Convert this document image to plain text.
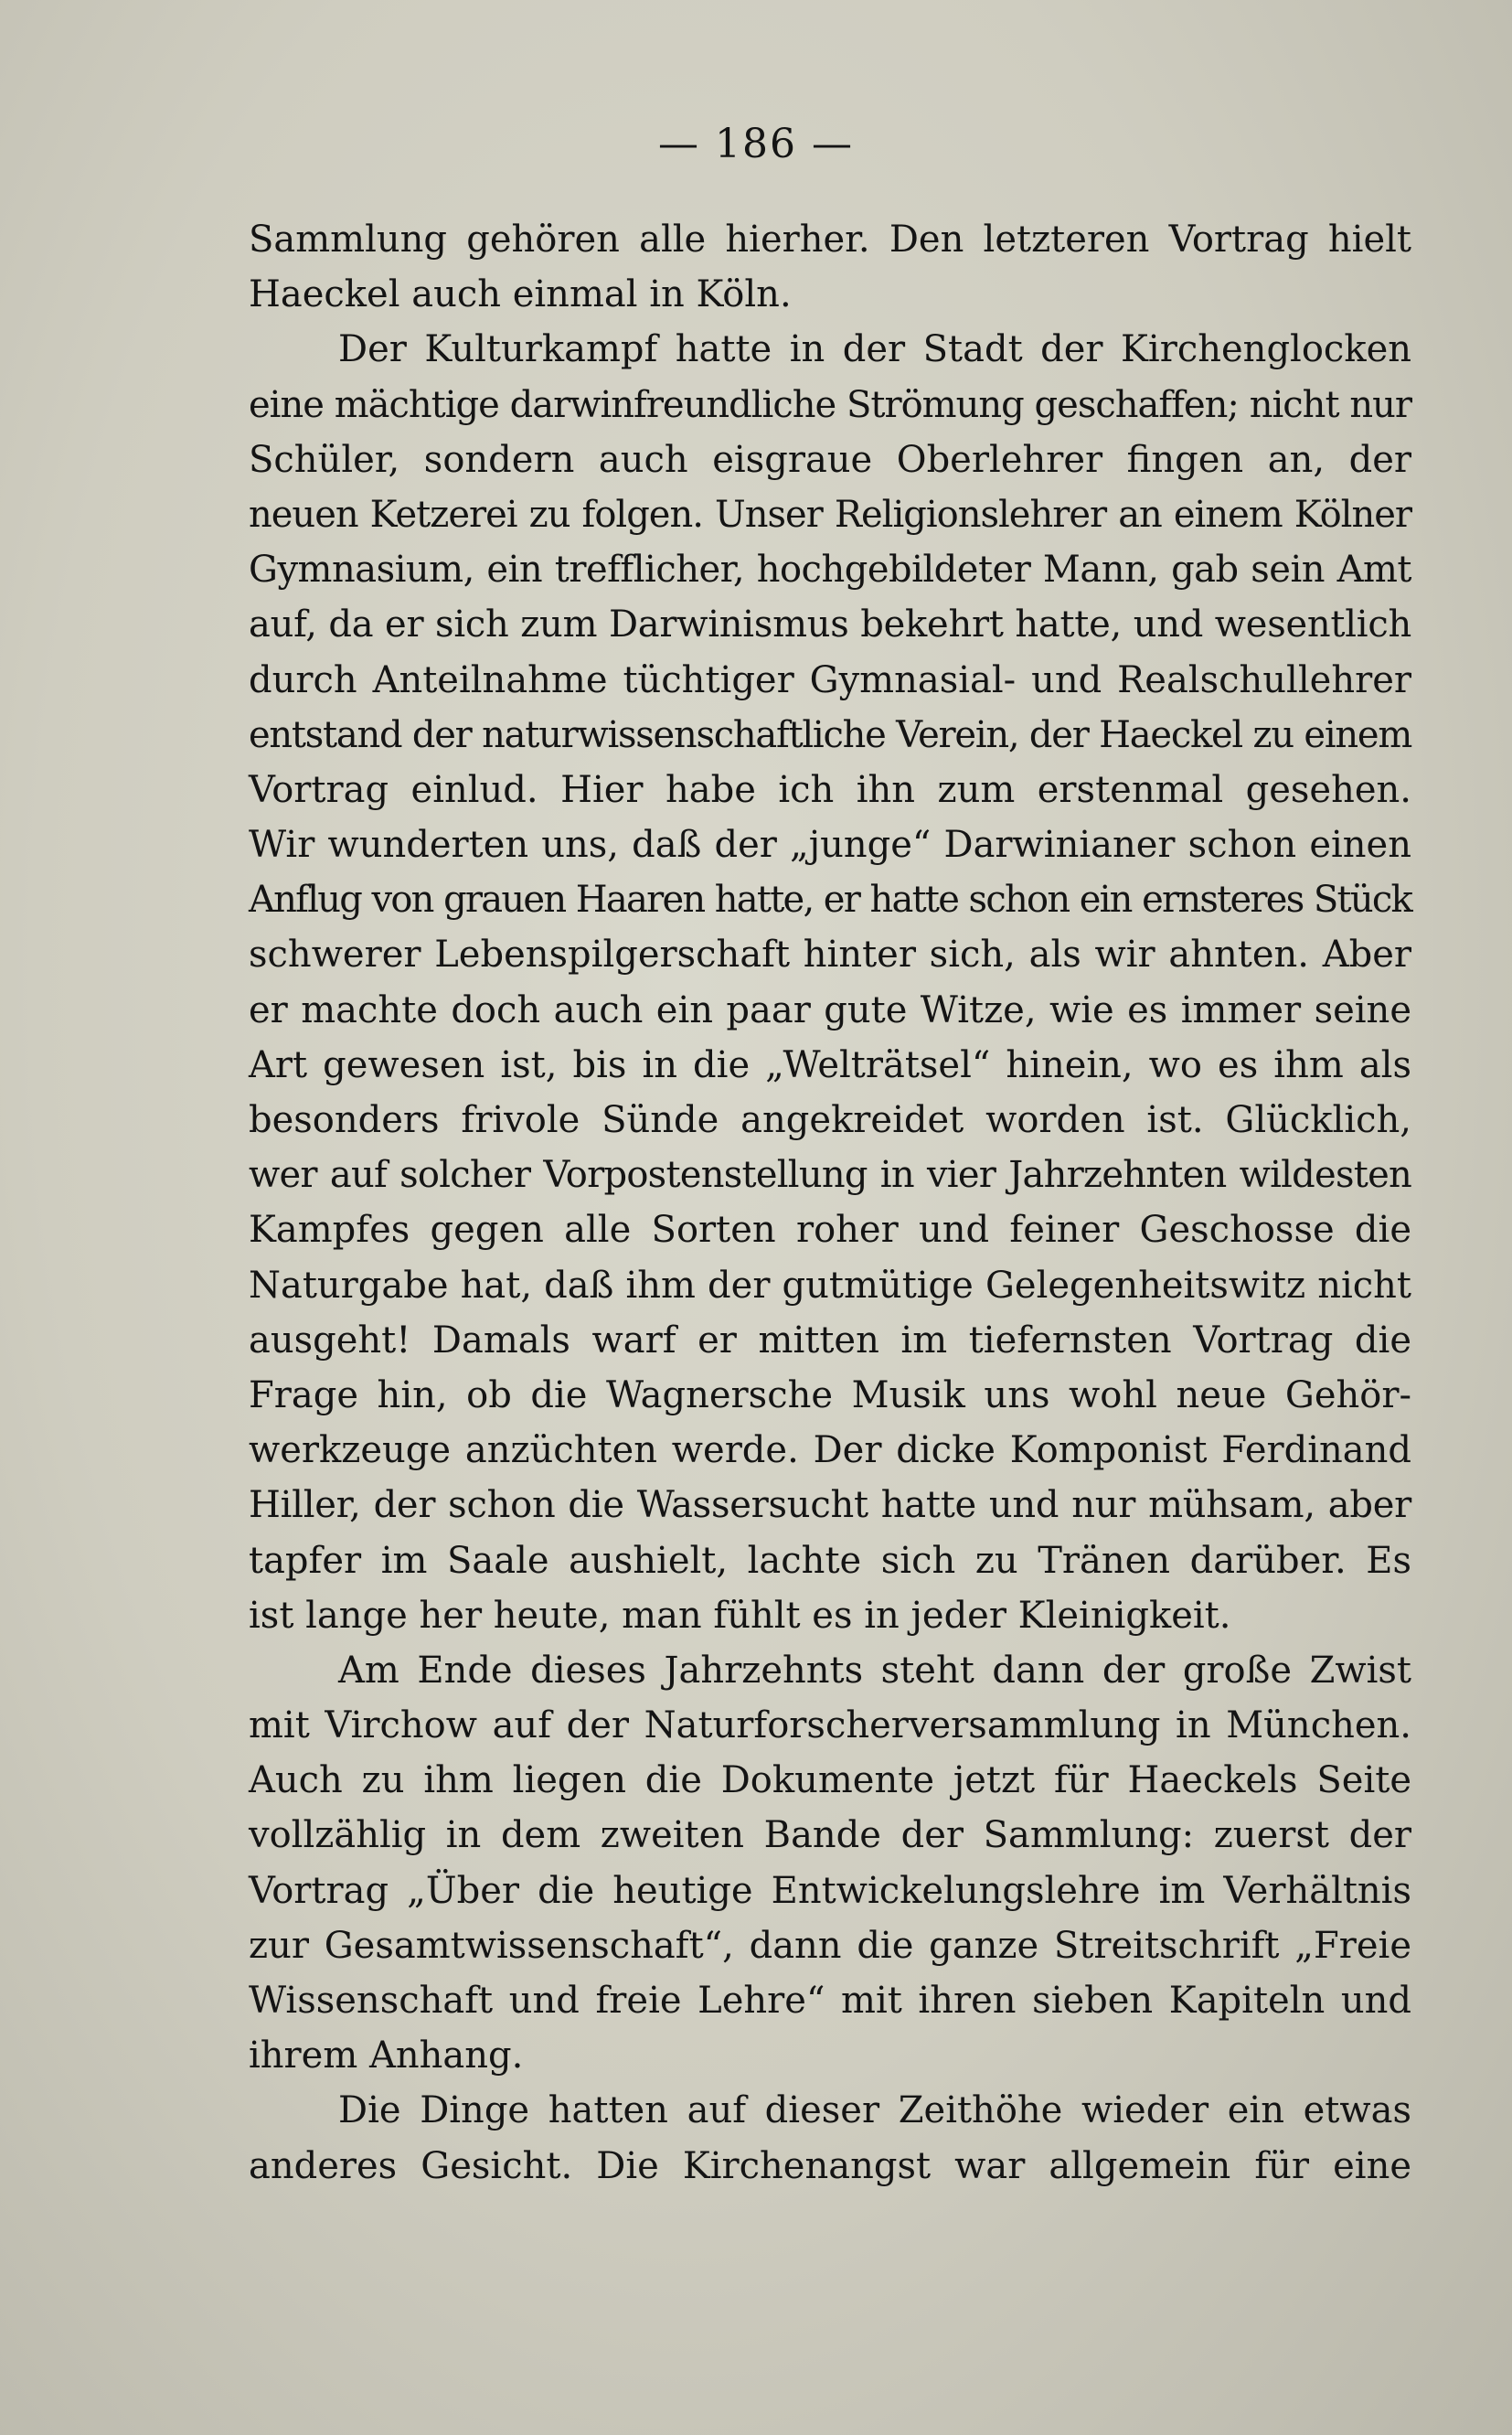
— 186 —
Sammlung gehören alle hierher. Den letzteren Vortrag hielt
Haeckel auch einmal in Köln.
Der Kulturkampf hatte in der Stadt der Kirchenglocken
eine mächtige darwinfreundliche Strömung geschaffen; nicht nur
Schüler, sondern auch eisgraue Oberlehrer fingen an, der
neuen Ketzerei zu folgen. Unser Religionslehrer an einem Kölner
Gymnasium, ein trefflicher, hochgebildeter Mann, gab sein Amt
auf, da er sich zum Darwinismus bekehrt hatte, und wesentlich
durch Anteilnahme tüchtiger Gymnasial- und Realschullehrer
entstand der naturwissenschaftliche Verein, der Haeckel zu einem
Vortrag einlud. Hier habe ich ihn zum erstenmal gesehen.
Wir wunderten uns, daß der „junge“ Darwinianer schon einen
Anflug von grauen Haaren hatte, er hatte schon ein ernsteres Stück
schwerer Lebenspilgerschaft hinter sich, als wir ahnten. Aber
er machte doch auch ein paar gute Witze, wie es immer seine
Art gewesen ist, bis in die „Welträtsel“ hinein, wo es ihm als
besonders frivole Sünde angekreidet worden ist. Glücklich,
wer auf solcher Vorpostenstellung in vier Jahrzehnten wildesten
Kampfes gegen alle Sorten roher und feiner Geschosse die
Naturgabe hat, daß ihm der gutmütige Gelegenheitswitz nicht
ausgeht! Damals warf er mitten im tiefernsten Vortrag die
Frage hin, ob die Wagnersche Musik uns wohl neue Gehör-
werkzeuge anzüchten werde. Der dicke Komponist Ferdinand
Hiller, der schon die Wassersucht hatte und nur mühsam, aber
tapfer im Saale aushielt, lachte sich zu Tränen darüber. Es
ist lange her heute, man fühlt es in jeder Kleinigkeit.
Am Ende dieses Jahrzehnts steht dann der große Zwist
mit Virchow auf der Naturforscherversammlung in München.
Auch zu ihm liegen die Dokumente jetzt für Haeckels Seite
vollzählig in dem zweiten Bande der Sammlung: zuerst der
Vortrag „Über die heutige Entwickelungslehre im Verhältnis
zur Gesamtwissenschaft“, dann die ganze Streitschrift „Freie
Wissenschaft und freie Lehre“ mit ihren sieben Kapiteln und
ihrem Anhang.
Die Dinge hatten auf dieser Zeithöhe wieder ein etwas
anderes Gesicht. Die Kirchenangst war allgemein für eine
